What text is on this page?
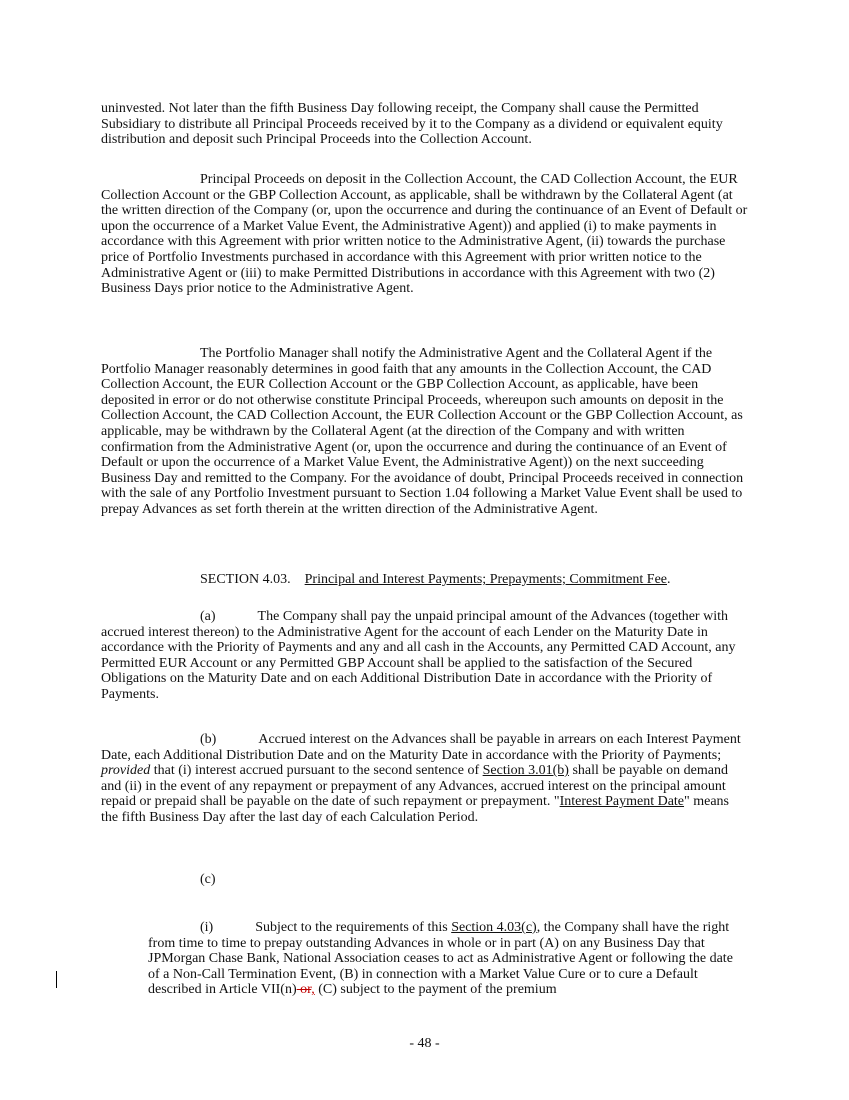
uninvested. Not later than the fifth Business Day following receipt, the Company shall cause the Permitted Subsidiary to distribute all Principal Proceeds received by it to the Company as a dividend or equivalent equity distribution and deposit such Principal Proceeds into the Collection Account.

Principal Proceeds on deposit in the Collection Account, the CAD Collection Account, the EUR Collection Account or the GBP Collection Account, as applicable, shall be withdrawn by the Collateral Agent (at the written direction of the Company (or, upon the occurrence and during the continuance of an Event of Default or upon the occurrence of a Market Value Event, the Administrative Agent)) and applied (i) to make payments in accordance with this Agreement with prior written notice to the Administrative Agent, (ii) towards the purchase price of Portfolio Investments purchased in accordance with this Agreement with prior written notice to the Administrative Agent or (iii) to make Permitted Distributions in accordance with this Agreement with two (2) Business Days prior notice to the Administrative Agent.

The Portfolio Manager shall notify the Administrative Agent and the Collateral Agent if the Portfolio Manager reasonably determines in good faith that any amounts in the Collection Account, the CAD Collection Account, the EUR Collection Account or the GBP Collection Account, as applicable, have been deposited in error or do not otherwise constitute Principal Proceeds, whereupon such amounts on deposit in the Collection Account, the CAD Collection Account, the EUR Collection Account or the GBP Collection Account, as applicable, may be withdrawn by the Collateral Agent (at the direction of the Company and with written confirmation from the Administrative Agent (or, upon the occurrence and during the continuance of an Event of Default or upon the occurrence of a Market Value Event, the Administrative Agent)) on the next succeeding Business Day and remitted to the Company. For the avoidance of doubt, Principal Proceeds received in connection with the sale of any Portfolio Investment pursuant to Section 1.04 following a Market Value Event shall be used to prepay Advances as set forth therein at the written direction of the Administrative Agent.

SECTION 4.03. Principal and Interest Payments; Prepayments; Commitment Fee.

(a)	The Company shall pay the unpaid principal amount of the Advances (together with accrued interest thereon) to the Administrative Agent for the account of each Lender on the Maturity Date in accordance with the Priority of Payments and any and all cash in the Accounts, any Permitted CAD Account, any Permitted EUR Account or any Permitted GBP Account shall be applied to the satisfaction of the Secured Obligations on the Maturity Date and on each Additional Distribution Date in accordance with the Priority of Payments.

(b)	Accrued interest on the Advances shall be payable in arrears on each Interest Payment Date, each Additional Distribution Date and on the Maturity Date in accordance with the Priority of Payments; provided that (i) interest accrued pursuant to the second sentence of Section 3.01(b) shall be payable on demand and (ii) in the event of any repayment or prepayment of any Advances, accrued interest on the principal amount repaid or prepaid shall be payable on the date of such repayment or prepayment. "Interest Payment Date" means the fifth Business Day after the last day of each Calculation Period.

(c)

(i)	Subject to the requirements of this Section 4.03(c), the Company shall have the right from time to time to prepay outstanding Advances in whole or in part (A) on any Business Day that JPMorgan Chase Bank, National Association ceases to act as Administrative Agent or following the date of a Non-Call Termination Event, (B) in connection with a Market Value Cure or to cure a Default described in Article VII(n) or, (C) subject to the payment of the premium

- 48 -
